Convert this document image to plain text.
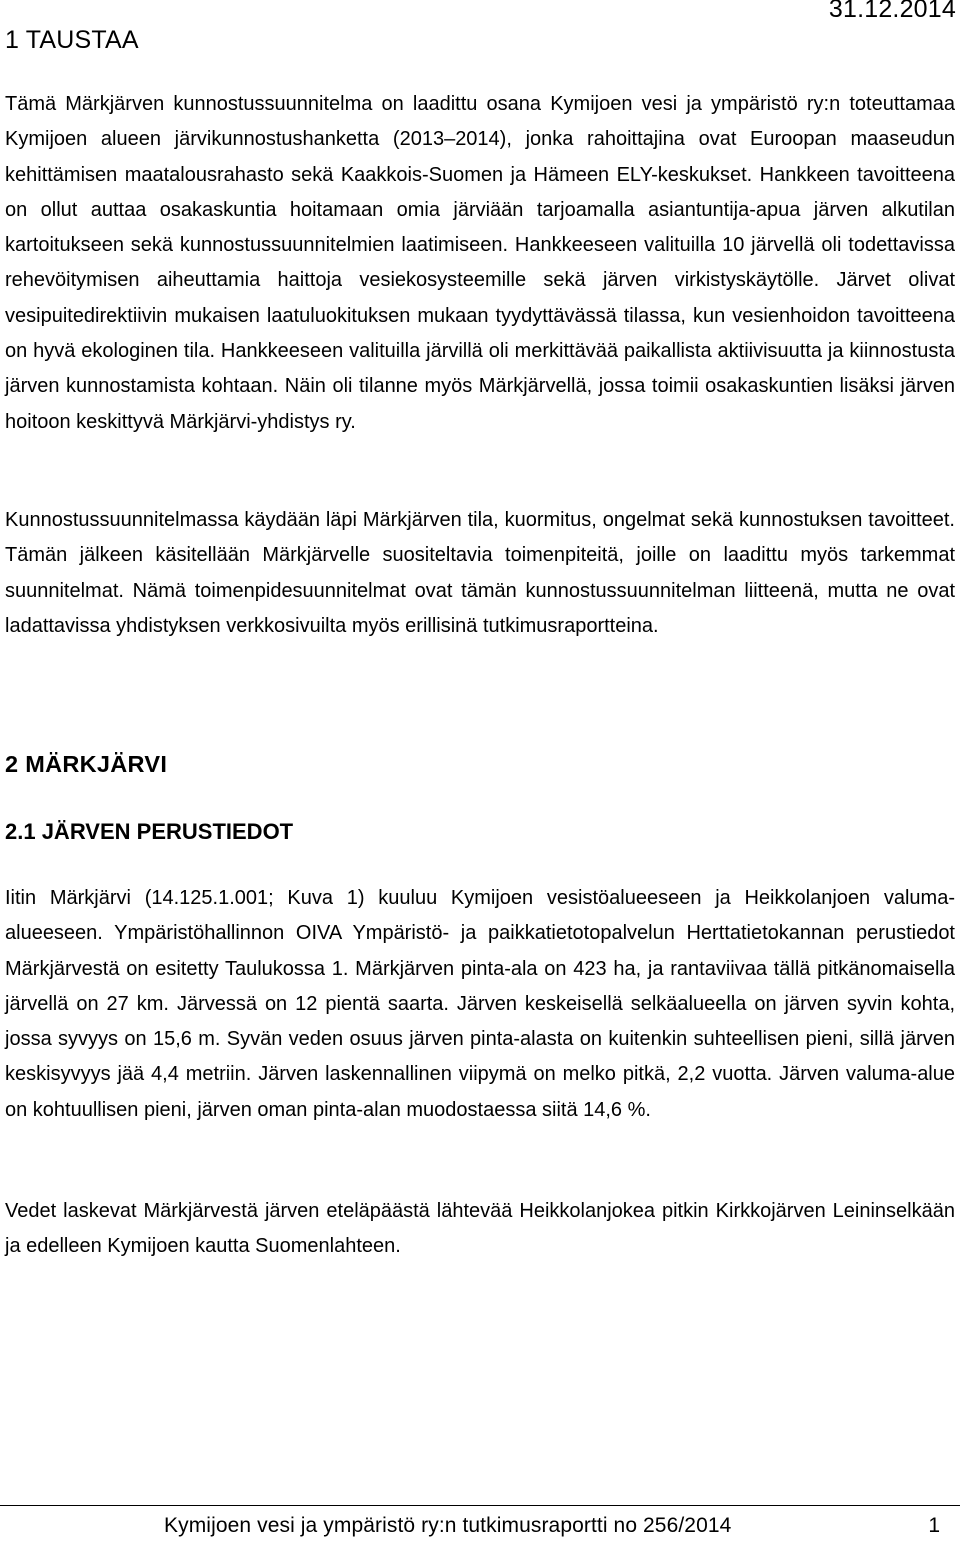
31.12.2014
1 TAUSTAA

Tämä Märkjärven kunnostussuunnitelma on laadittu osana Kymijoen vesi ja ympäristö ry:n toteuttamaa Kymijoen alueen järvikunnostushanketta (2013–2014), jonka rahoittajina ovat Euroopan maaseudun kehittämisen maatalousrahasto sekä Kaakkois-Suomen ja Hämeen ELY-keskukset. Hankkeen tavoitteena on ollut auttaa osakaskuntia hoitamaan omia järviään tarjoamalla asiantuntija-apua järven alkutilan kartoitukseen sekä kunnostussuunnitelmien laatimiseen. Hankkeeseen valituilla 10 järvellä oli todettavissa rehevöitymisen aiheuttamia haittoja vesiekosysteemille sekä järven virkistyskäytölle. Järvet olivat vesipuitedirektiivin mukaisen laatuluokituksen mukaan tyydyttävässä tilassa, kun vesienhoidon tavoitteena on hyvä ekologinen tila. Hankkeeseen valituilla järvillä oli merkittävää paikallista aktiivisuutta ja kiinnostusta järven kunnostamista kohtaan. Näin oli tilanne myös Märkjärvellä, jossa toimii osakaskuntien lisäksi järven hoitoon keskittyvä Märkjärvi-yhdistys ry.

Kunnostussuunnitelmassa käydään läpi Märkjärven tila, kuormitus, ongelmat sekä kunnostuksen tavoitteet. Tämän jälkeen käsitellään Märkjärvelle suositeltavia toimenpiteitä, joille on laadittu myös tarkemmat suunnitelmat. Nämä toimenpidesuunnitelmat ovat tämän kunnostussuunnitelman liitteenä, mutta ne ovat ladattavissa yhdistyksen verkkosivuilta myös erillisinä tutkimusraportteina.

2 MÄRKJÄRVI
2.1 JÄRVEN PERUSTIEDOT

Iitin Märkjärvi (14.125.1.001; Kuva 1) kuuluu Kymijoen vesistöalueeseen ja Heikkolanjoen valuma-alueeseen. Ympäristöhallinnon OIVA Ympäristö- ja paikkatietotopalvelun Herttatietokannan perustiedot Märkjärvestä on esitetty Taulukossa 1. Märkjärven pinta-ala on 423 ha, ja rantaviivaa tällä pitkänomaisella järvellä on 27 km. Järvessä on 12 pientä saarta. Järven keskeisellä selkäalueella on järven syvin kohta, jossa syvyys on 15,6 m. Syvän veden osuus järven pinta-alasta on kuitenkin suhteellisen pieni, sillä järven keskisyvyys jää 4,4 metriin. Järven laskennallinen viipymä on melko pitkä, 2,2 vuotta. Järven valuma-alue on kohtuullisen pieni, järven oman pinta-alan muodostaessa siitä 14,6 %.

Vedet laskevat Märkjärvestä järven eteläpäästä lähtevää Heikkolanjokea pitkin Kirkkojärven Leininselkään ja edelleen Kymijoen kautta Suomenlahteen.

Kymijoen vesi ja ympäristö ry:n tutkimusraportti no 256/2014	1
